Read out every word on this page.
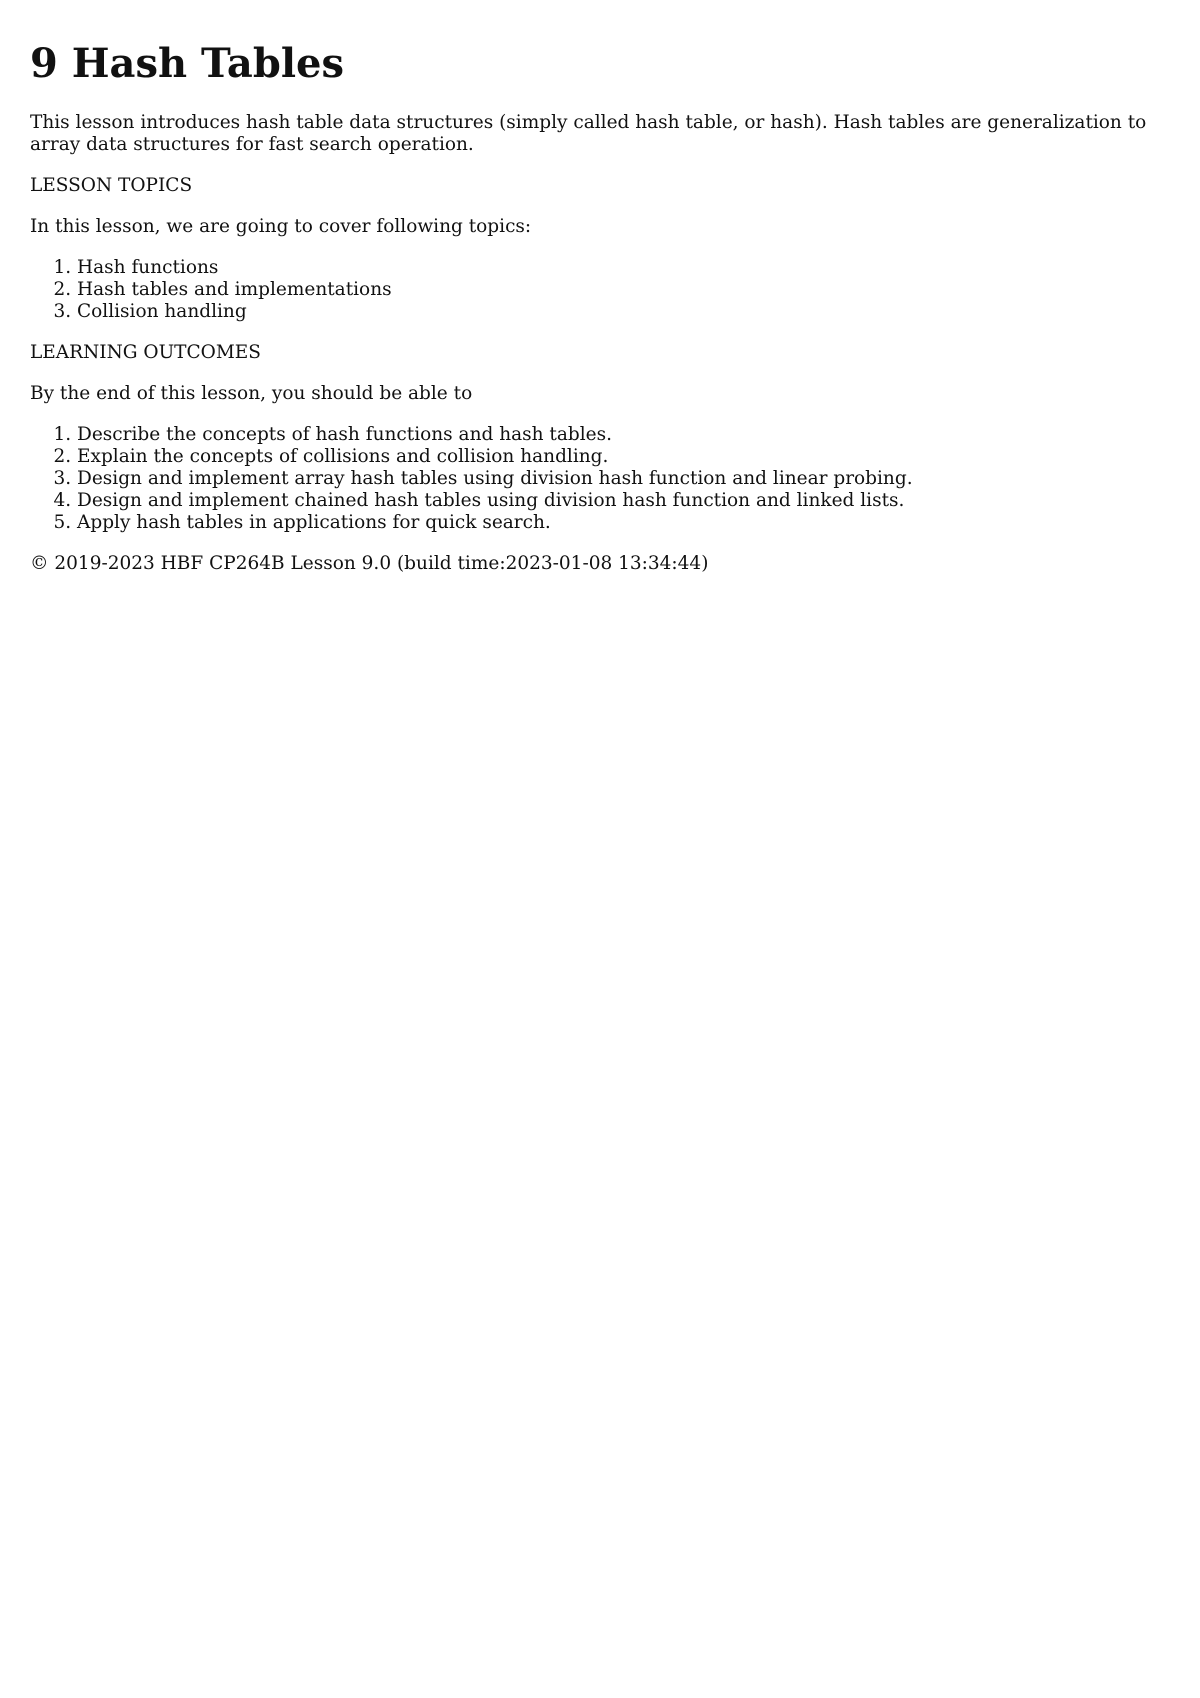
9 Hash Tables

This lesson introduces hash table data structures (simply called hash table, or hash). Hash tables are generalization to array data structures for fast search operation.

LESSON TOPICS

In this lesson, we are going to cover following topics:

1. Hash functions
2. Hash tables and implementations
3. Collision handling

LEARNING OUTCOMES

By the end of this lesson, you should be able to

1. Describe the concepts of hash functions and hash tables.
2. Explain the concepts of collisions and collision handling.
3. Design and implement array hash tables using division hash function and linear probing.
4. Design and implement chained hash tables using division hash function and linked lists.
5. Apply hash tables in applications for quick search.

© 2019-2023 HBF CP264B Lesson 9.0 (build time:2023-01-08 13:34:44)
